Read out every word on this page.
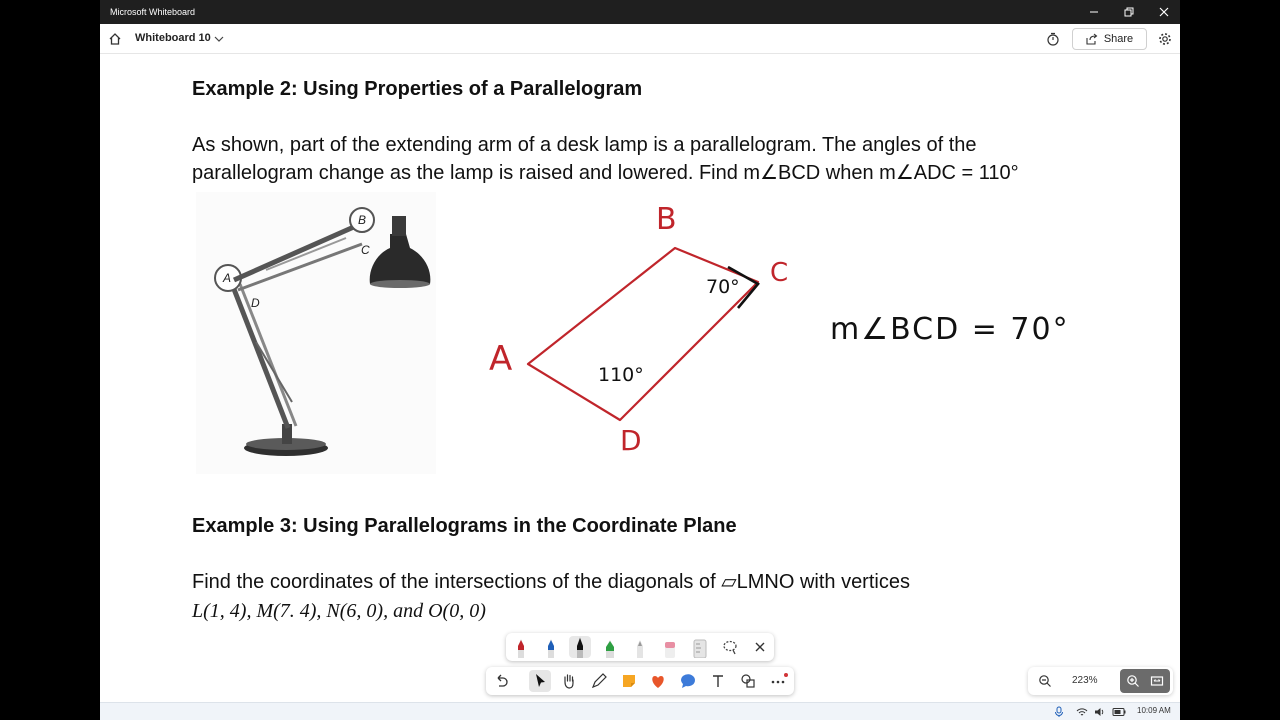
Microsoft Whiteboard
Whiteboard 10	Share
Example 2: Using Properties of a Parallelogram
As shown, part of the extending arm of a desk lamp is a parallelogram. The angles of the
parallelogram change as the lamp is raised and lowered. Find m∠BCD when m∠ADC = 110°
A
B
C
D
B
C
A
D
70°
110°
m∠BCD = 70°
Example 3: Using Parallelograms in the Coordinate Plane
Find the coordinates of the intersections of the diagonals of ▱LMNO with vertices
L(1, 4), M(7. 4), N(6, 0), and O(0, 0)
223%
10:09 AM
